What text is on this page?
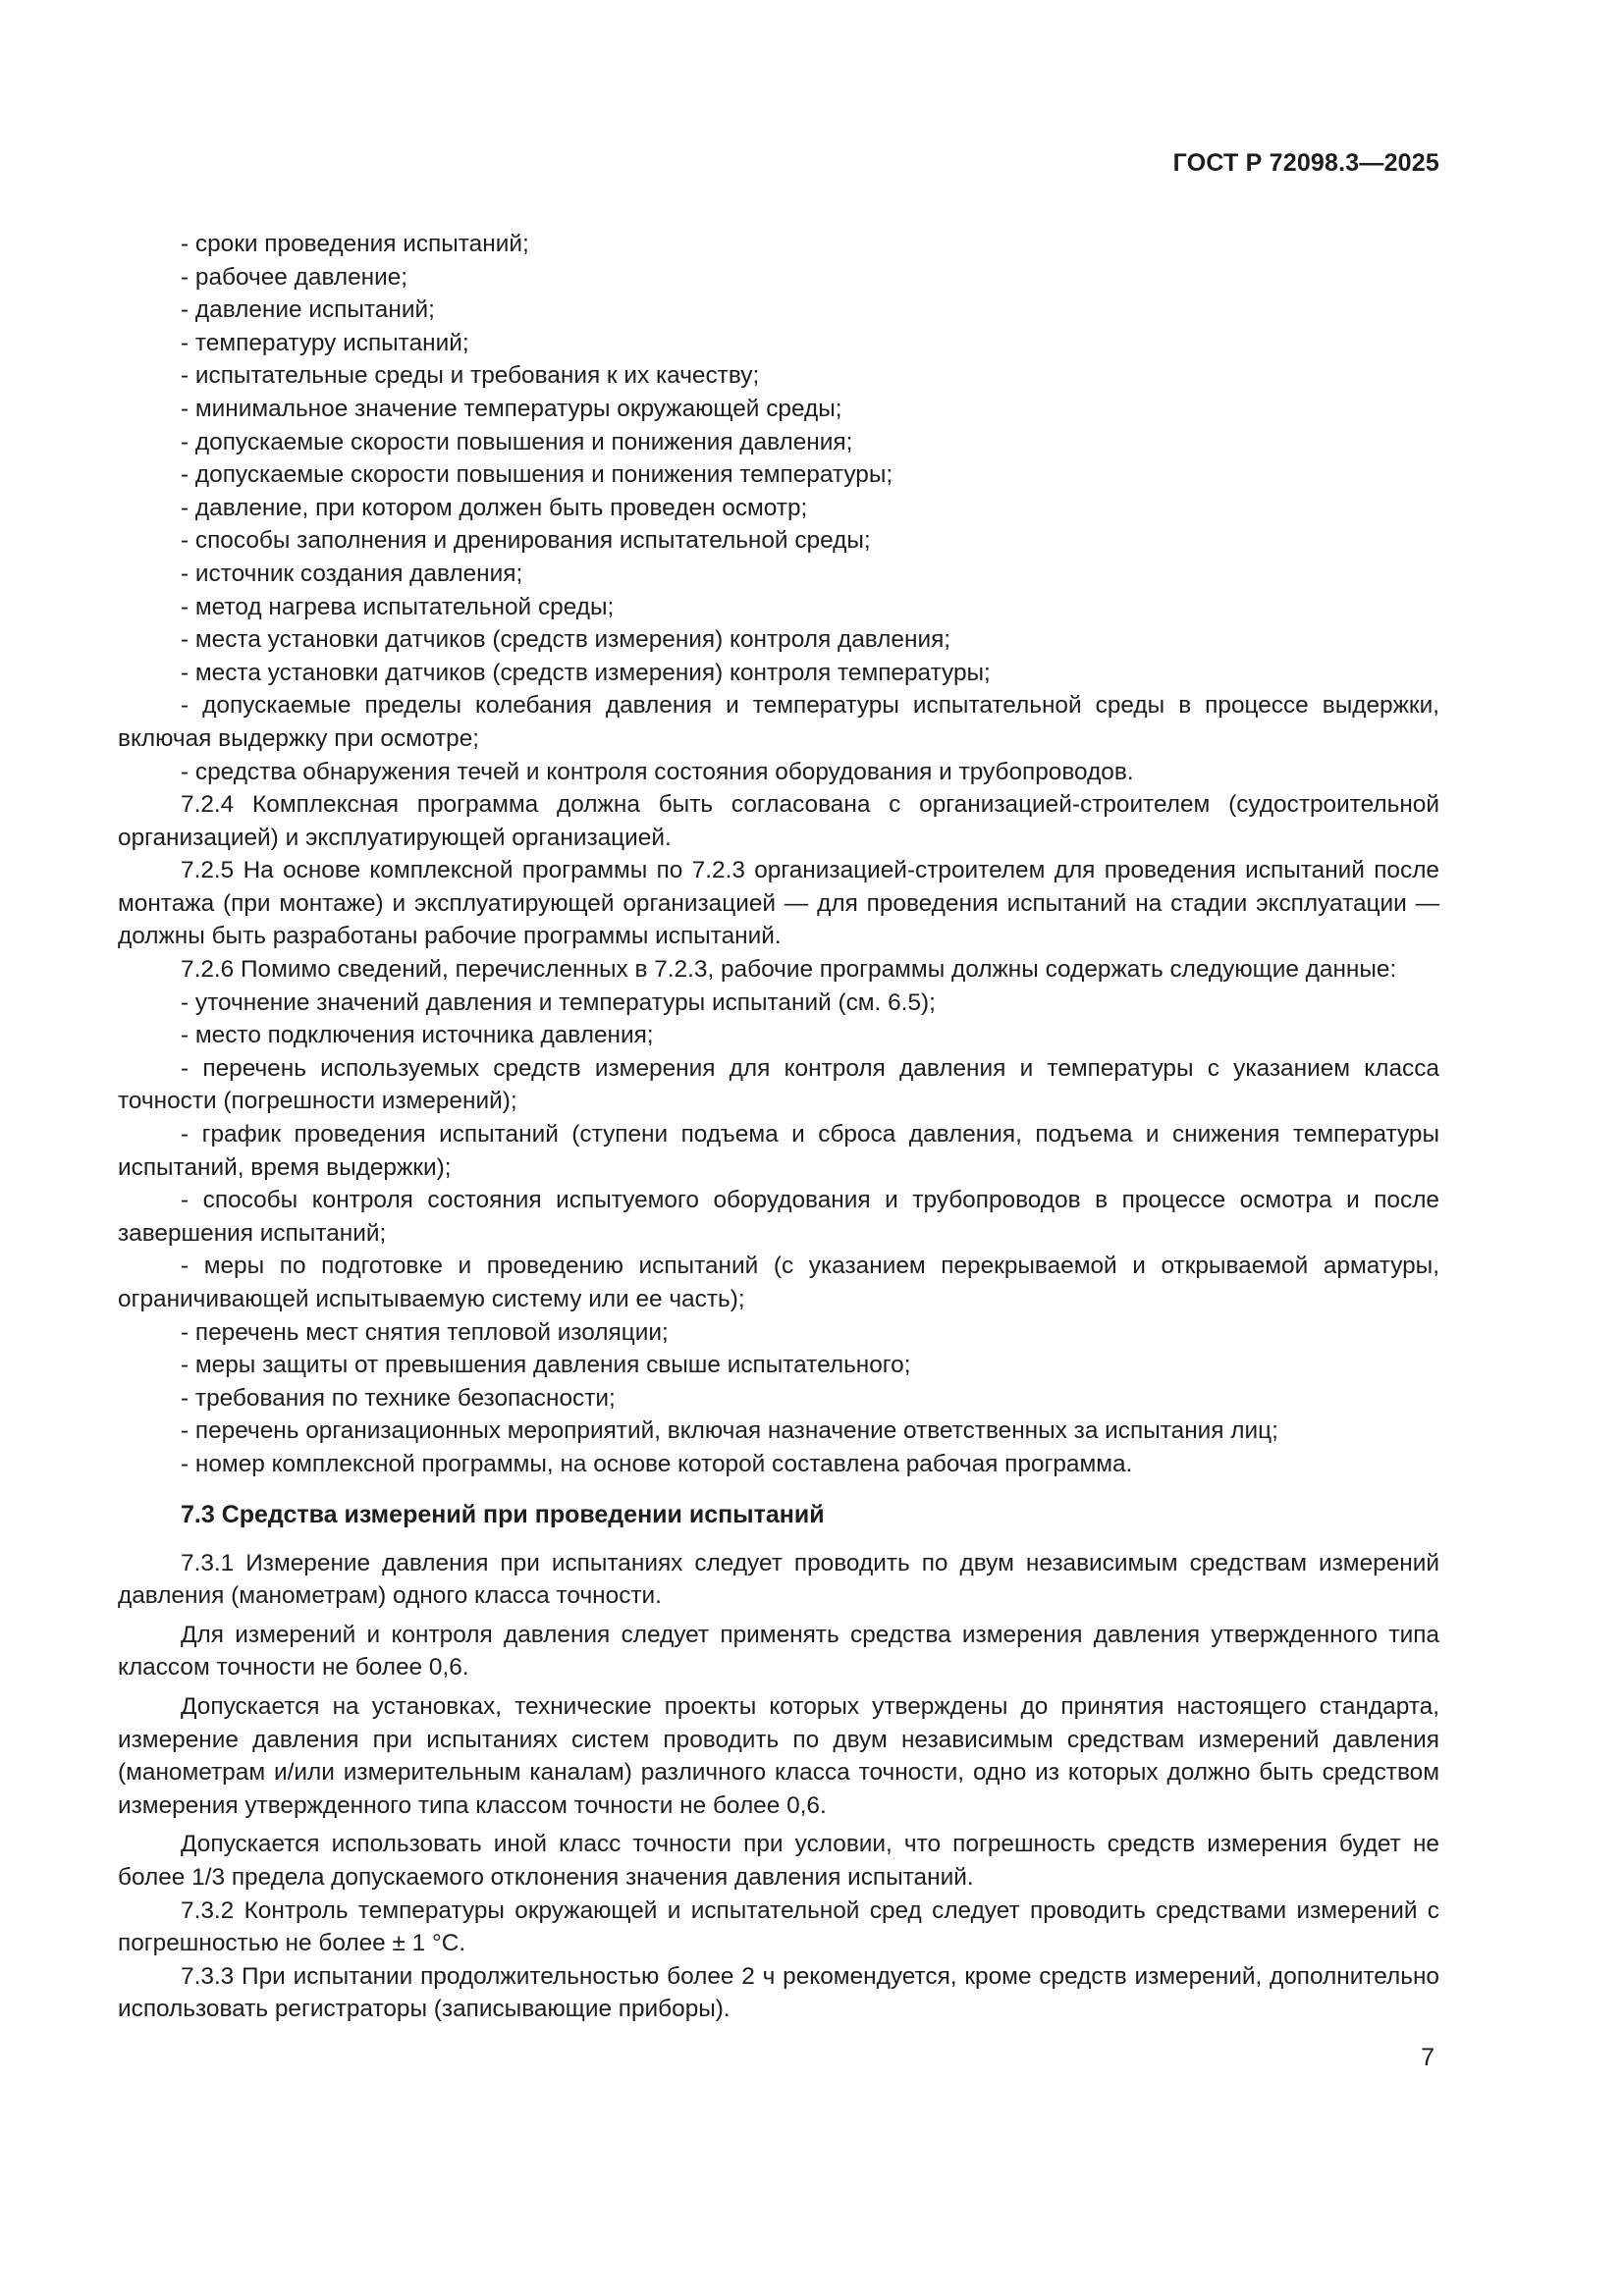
ГОСТ Р 72098.3—2025

- сроки проведения испытаний;

- рабочее давление;

- давление испытаний;

- температуру испытаний;

- испытательные среды и требования к их качеству;

- минимальное значение температуры окружающей среды;

- допускаемые скорости повышения и понижения давления;

- допускаемые скорости повышения и понижения температуры;

- давление, при котором должен быть проведен осмотр;

- способы заполнения и дренирования испытательной среды;

- источник создания давления;

- метод нагрева испытательной среды;

- места установки датчиков (средств измерения) контроля давления;

- места установки датчиков (средств измерения) контроля температуры;

- допускаемые пределы колебания давления и температуры испытательной среды в процессе выдержки, включая выдержку при осмотре;

- средства обнаружения течей и контроля состояния оборудования и трубопроводов.

7.2.4 Комплексная программа должна быть согласована с организацией-строителем (судостроительной организацией) и эксплуатирующей организацией.

7.2.5 На основе комплексной программы по 7.2.3 организацией-строителем для проведения испытаний после монтажа (при монтаже) и эксплуатирующей организацией — для проведения испытаний на стадии эксплуатации — должны быть разработаны рабочие программы испытаний.

7.2.6 Помимо сведений, перечисленных в 7.2.3, рабочие программы должны содержать следующие данные:

- уточнение значений давления и температуры испытаний (см. 6.5);

- место подключения источника давления;

- перечень используемых средств измерения для контроля давления и температуры с указанием класса точности (погрешности измерений);

- график проведения испытаний (ступени подъема и сброса давления, подъема и снижения температуры испытаний, время выдержки);

- способы контроля состояния испытуемого оборудования и трубопроводов в процессе осмотра и после завершения испытаний;

- меры по подготовке и проведению испытаний (с указанием перекрываемой и открываемой арматуры, ограничивающей испытываемую систему или ее часть);

- перечень мест снятия тепловой изоляции;

- меры защиты от превышения давления свыше испытательного;

- требования по технике безопасности;

- перечень организационных мероприятий, включая назначение ответственных за испытания лиц;

- номер комплексной программы, на основе которой составлена рабочая программа.

7.3 Средства измерений при проведении испытаний

7.3.1 Измерение давления при испытаниях следует проводить по двум независимым средствам измерений давления (манометрам) одного класса точности.

Для измерений и контроля давления следует применять средства измерения давления утвержденного типа классом точности не более 0,6.

Допускается на установках, технические проекты которых утверждены до принятия настоящего стандарта, измерение давления при испытаниях систем проводить по двум независимым средствам измерений давления (манометрам и/или измерительным каналам) различного класса точности, одно из которых должно быть средством измерения утвержденного типа классом точности не более 0,6.

Допускается использовать иной класс точности при условии, что погрешность средств измерения будет не более 1/3 предела допускаемого отклонения значения давления испытаний.

7.3.2 Контроль температуры окружающей и испытательной сред следует проводить средствами измерений с погрешностью не более ± 1 °С.

7.3.3 При испытании продолжительностью более 2 ч рекомендуется, кроме средств измерений, дополнительно использовать регистраторы (записывающие приборы).

7
